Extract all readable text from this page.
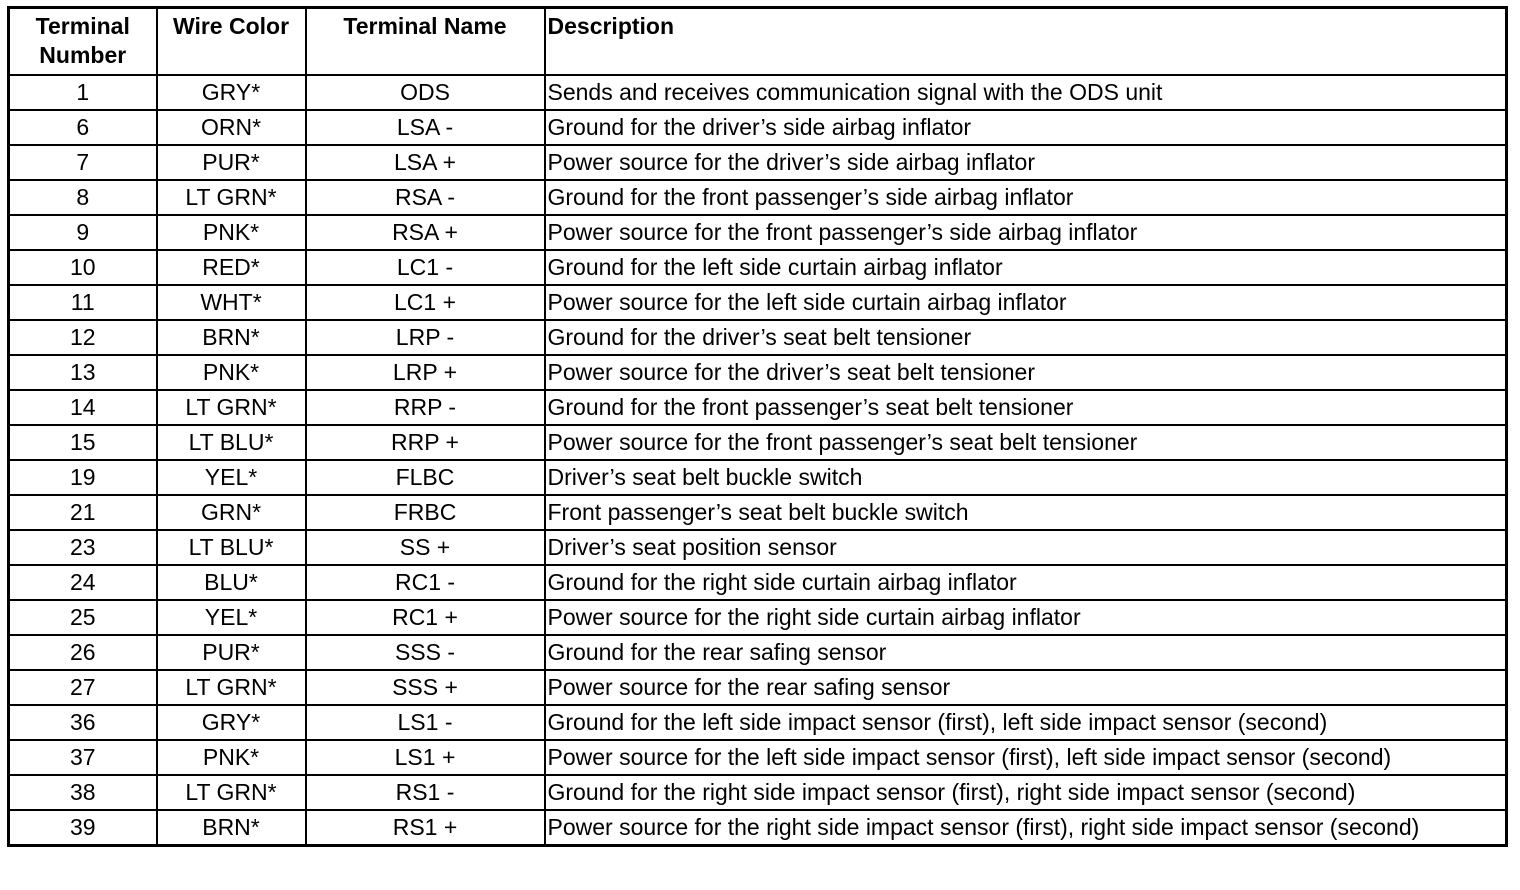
Terminal Number	Wire Color	Terminal Name	Description
1	GRY*	ODS	Sends and receives communication signal with the ODS unit
6	ORN*	LSA -	Ground for the driver’s side airbag inflator
7	PUR*	LSA +	Power source for the driver’s side airbag inflator
8	LT GRN*	RSA -	Ground for the front passenger’s side airbag inflator
9	PNK*	RSA +	Power source for the front passenger’s side airbag inflator
10	RED*	LC1 -	Ground for the left side curtain airbag inflator
11	WHT*	LC1 +	Power source for the left side curtain airbag inflator
12	BRN*	LRP -	Ground for the driver’s seat belt tensioner
13	PNK*	LRP +	Power source for the driver’s seat belt tensioner
14	LT GRN*	RRP -	Ground for the front passenger’s seat belt tensioner
15	LT BLU*	RRP +	Power source for the front passenger’s seat belt tensioner
19	YEL*	FLBC	Driver’s seat belt buckle switch
21	GRN*	FRBC	Front passenger’s seat belt buckle switch
23	LT BLU*	SS +	Driver’s seat position sensor
24	BLU*	RC1 -	Ground for the right side curtain airbag inflator
25	YEL*	RC1 +	Power source for the right side curtain airbag inflator
26	PUR*	SSS -	Ground for the rear safing sensor
27	LT GRN*	SSS +	Power source for the rear safing sensor
36	GRY*	LS1 -	Ground for the left side impact sensor (first), left side impact sensor (second)
37	PNK*	LS1 +	Power source for the left side impact sensor (first), left side impact sensor (second)
38	LT GRN*	RS1 -	Ground for the right side impact sensor (first), right side impact sensor (second)
39	BRN*	RS1 +	Power source for the right side impact sensor (first), right side impact sensor (second)
